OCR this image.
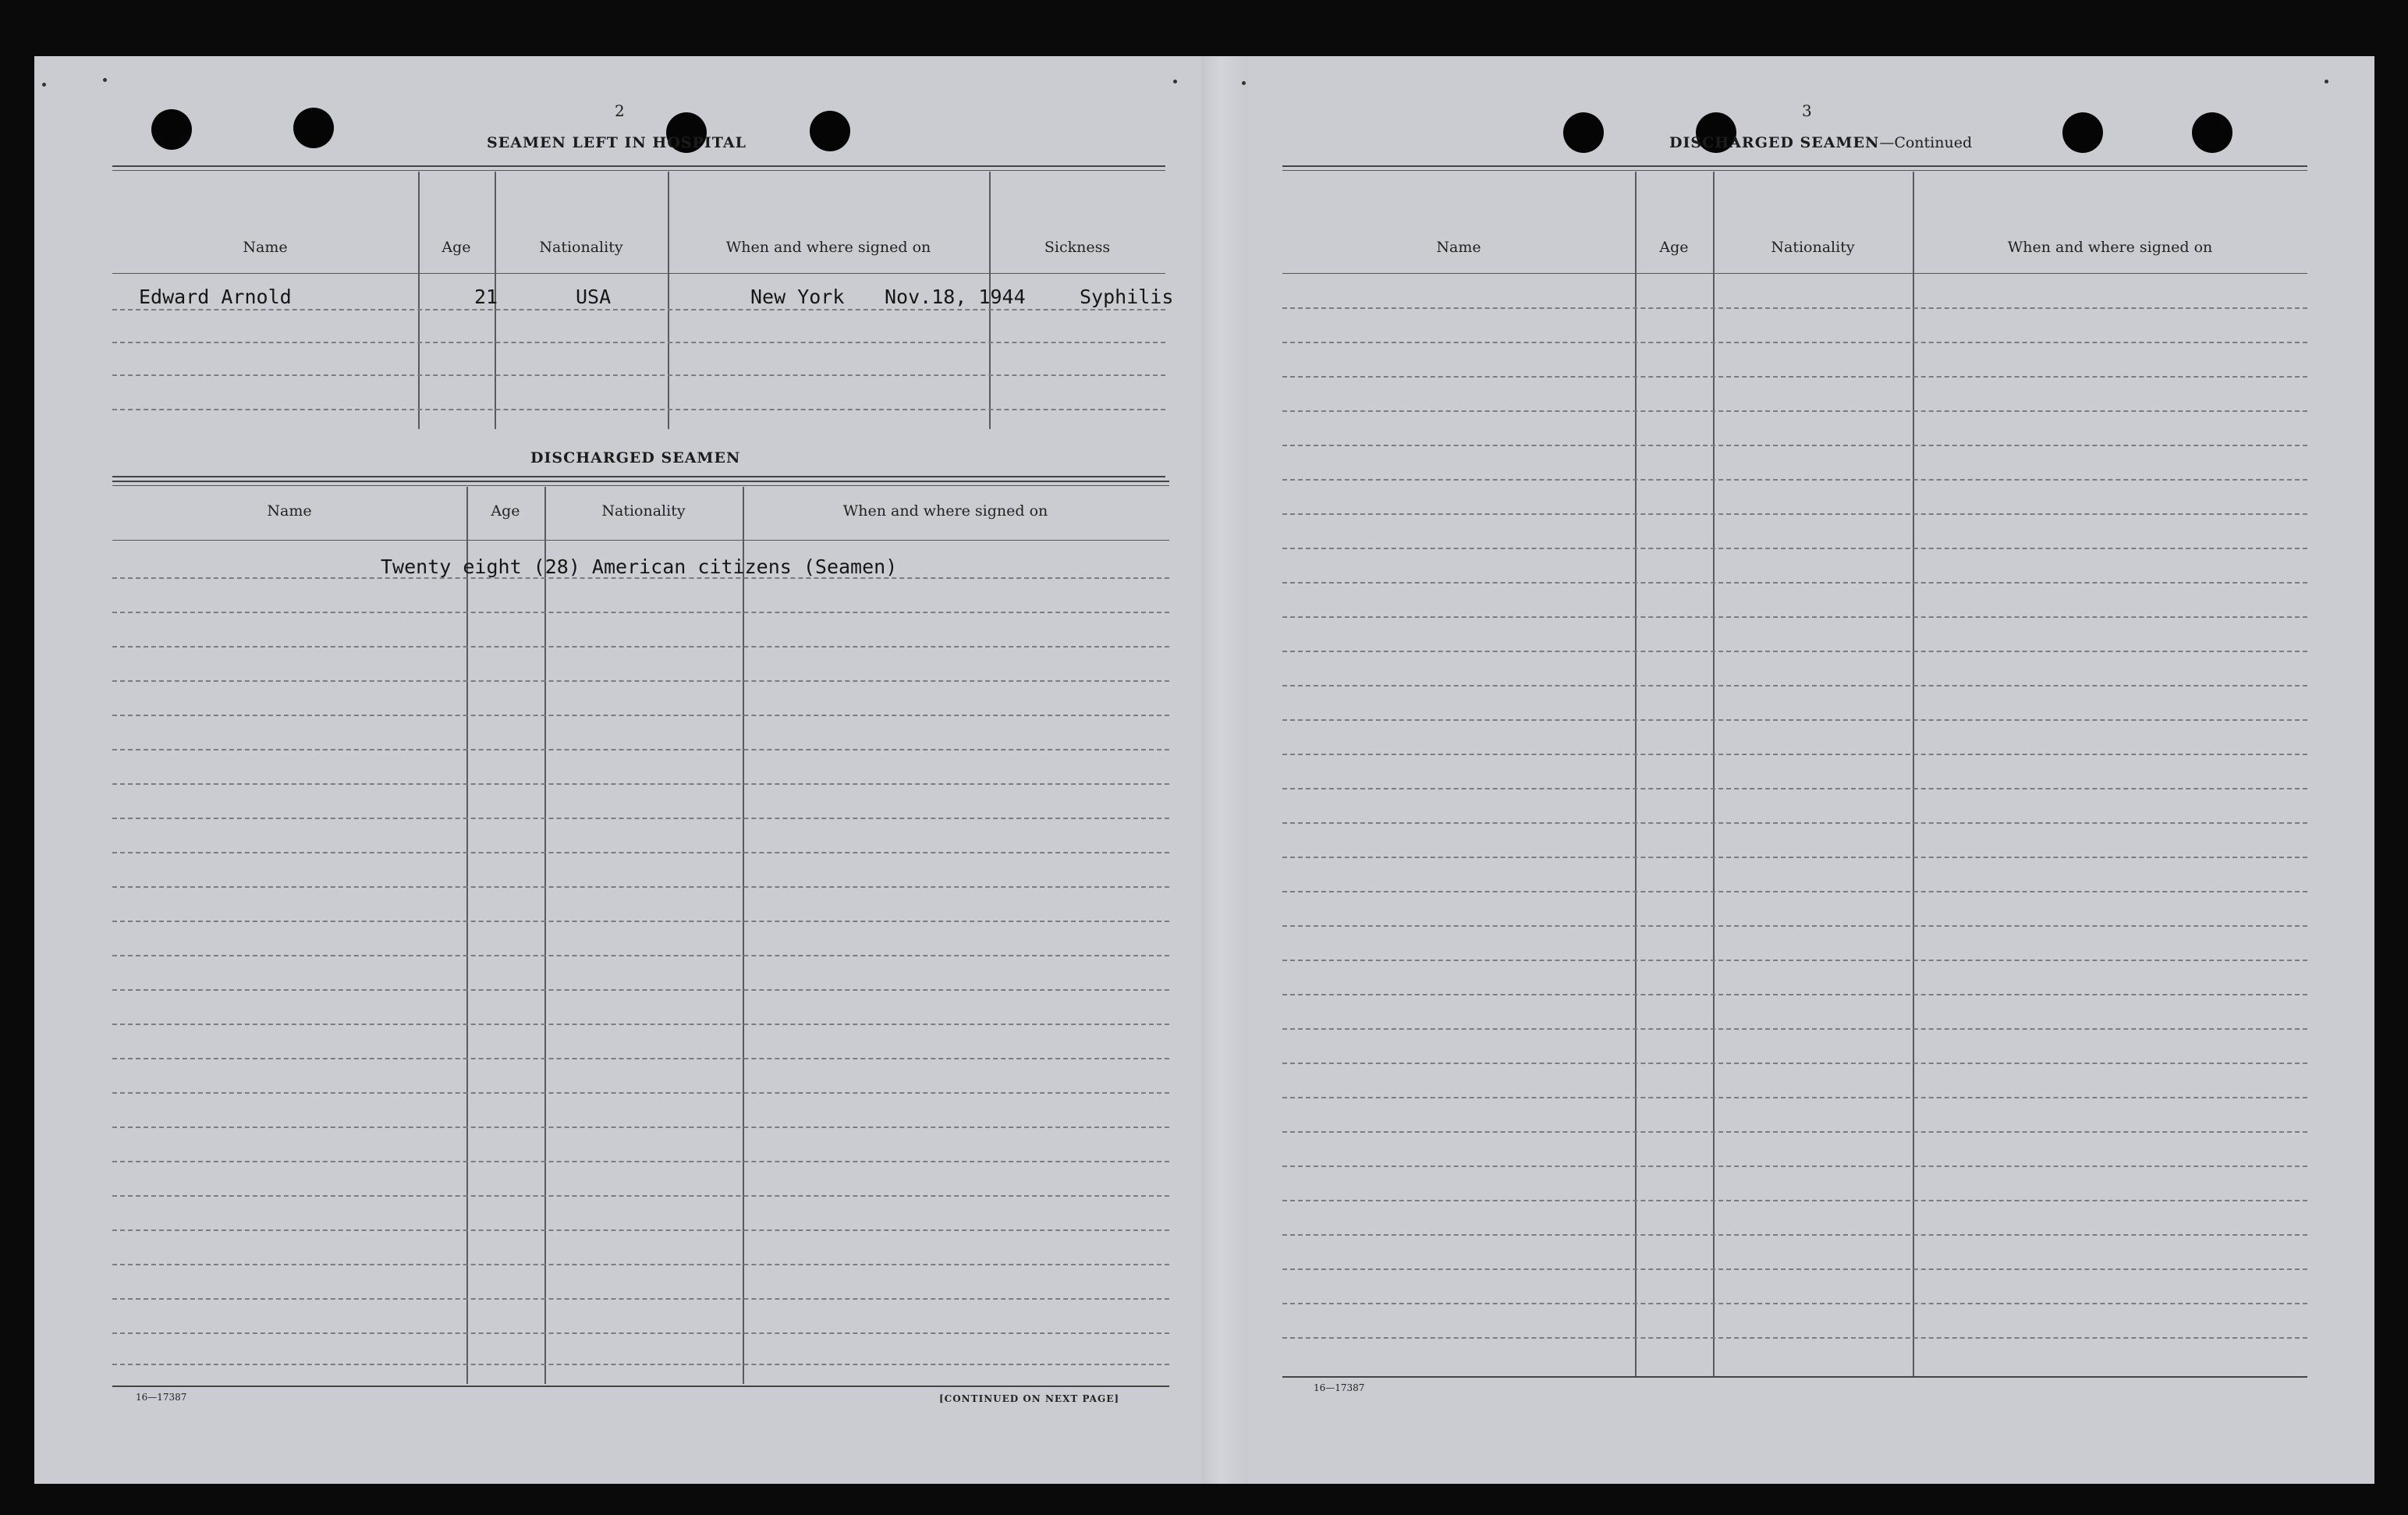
2
SEAMEN LEFT IN HOSPITAL
Name	Age	Nationality	When and where signed on	Sickness
Edward Arnold	21	USA	New York Nov.18, 1944	Syphilis
DISCHARGED SEAMEN
Name	Age	Nationality	When and where signed on
Twenty eight (28) American citizens (Seamen)
16—17387	[CONTINUED ON NEXT PAGE]
3
DISCHARGED SEAMEN—Continued
Name	Age	Nationality	When and where signed on
16—17387
